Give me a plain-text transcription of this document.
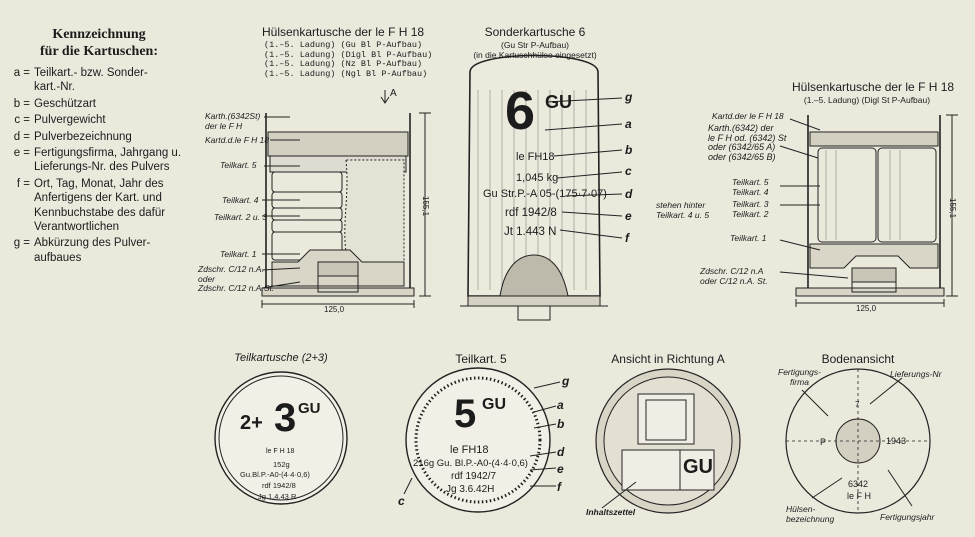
Kennzeichnung
für die Kartuschen:
a = Teilkart.- bzw. Sonder-
kart.-Nr.
b = Geschützart
c = Pulvergewicht
d = Pulverbezeichnung
e = Fertigungsfirma, Jahrgang u.
Lieferungs-Nr. des Pulvers
f = Ort, Tag, Monat, Jahr des
Anfertigens der Kart. und
Kennbuchstabe des dafür
Verantwortlichen
g = Abkürzung des Pulver-
aufbaues
Hülsenkartusche der le F H 18
(1.–5. Ladung) (Gu Bl P-Aufbau)
(1.–5. Ladung) (Digl Bl P-Aufbau)
(1.–5. Ladung) (Nz Bl P-Aufbau)
(1.–5. Ladung) (Ngl Bl P-Aufbau)
A
Karth.(6342St)
der le F H
Kartd.d.le F H 18
Teilkart. 5
Teilkart. 4
Teilkart. 2 u. 3
Teilkart. 1
Zdschr. C/12 n.A.
oder
Zdschr. C/12 n.A.St.
155,1
125,0
Sonderkartusche 6
(Gu Str P-Aufbau)
(in die Kartuschhülse eingesetzt)
6 GU
le FH18
1,045 kg
Gu Str.P.-A 05-(175·7·07)
rdf 1942/8
Jt 1.443 N
g
a
b
c
d
e
f
Hülsenkartusche der le F H 18
(1.–5. Ladung) (Digl St P-Aufbau)
Kartd.der le F H 18
Karth.(6342) der
le F H od. (6342) St
oder (6342/65 A)
oder (6342/65 B)
Teilkart. 5
Teilkart. 4
stehen hinter
Teilkart. 4 u. 5
Teilkart. 3
Teilkart. 2
Teilkart. 1
Zdschr. C/12 n.A
oder C/12 n.A. St.
155,1
125,0
Teilkartusche (2+3)
2+ 3 GU
le F H 18
152g
Gu.Bl.P.-A0-(4·4·0,6)
rdf 1942/8
Jg 1.4.43 R
Teilkart. 5
5 GU
le FH18
216g Gu. Bl.P.-A0-(4·4·0,6)
rdf 1942/7
Jg 3.6.42H
g
a
b
d
e
f
c
Ansicht in Richtung A
GU
Inhaltszettel
Bodenansicht
Fertigungs-
firma
Lieferungs-Nr
P
7
1943
6342
le F H
Hülsen-
bezeichnung	Fertigungsjahr
